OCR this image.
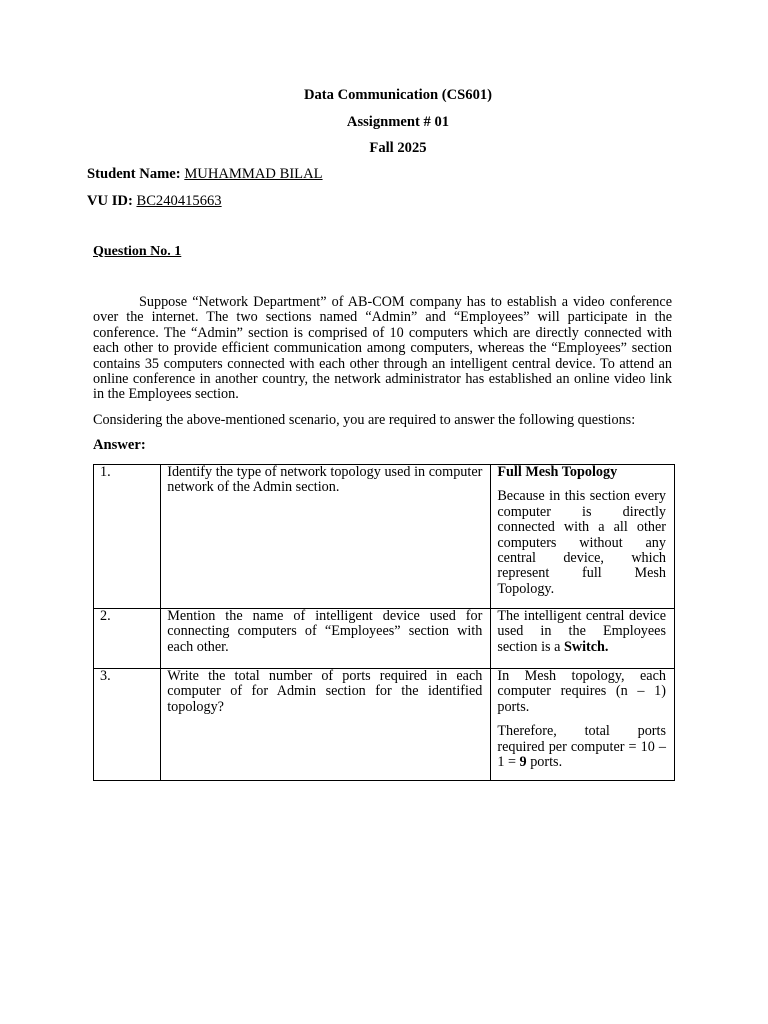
Data Communication (CS601)
Assignment # 01
Fall 2025
Student Name: MUHAMMAD BILAL
VU ID: BC240415663
Question No. 1
Suppose “Network Department” of AB-COM company has to establish a video conference over the internet. The two sections named “Admin” and “Employees” will participate in the conference. The “Admin” section is comprised of 10 computers which are directly connected with each other to provide efficient communication among computers, whereas the “Employees” section contains 35 computers connected with each other through an intelligent central device. To attend an online conference in another country, the network administrator has established an online video link in the Employees section.
Considering the above-mentioned scenario, you are required to answer the following questions:
Answer:
1.	Identify the type of network topology used in computer network of the Admin section.	Full Mesh Topology

Because in this section every computer is directly connected with a all other computers without any central device, which represent full Mesh Topology.

2.	Mention the name of intelligent device used for connecting computers of “Employees” section with each other.	The intelligent central device used in the Employees section is a Switch.

3.	Write the total number of ports required in each computer of for Admin section for the identified topology?	In Mesh topology, each computer requires (n – 1) ports.

Therefore, total ports required per computer = 10 – 1 = 9 ports.
